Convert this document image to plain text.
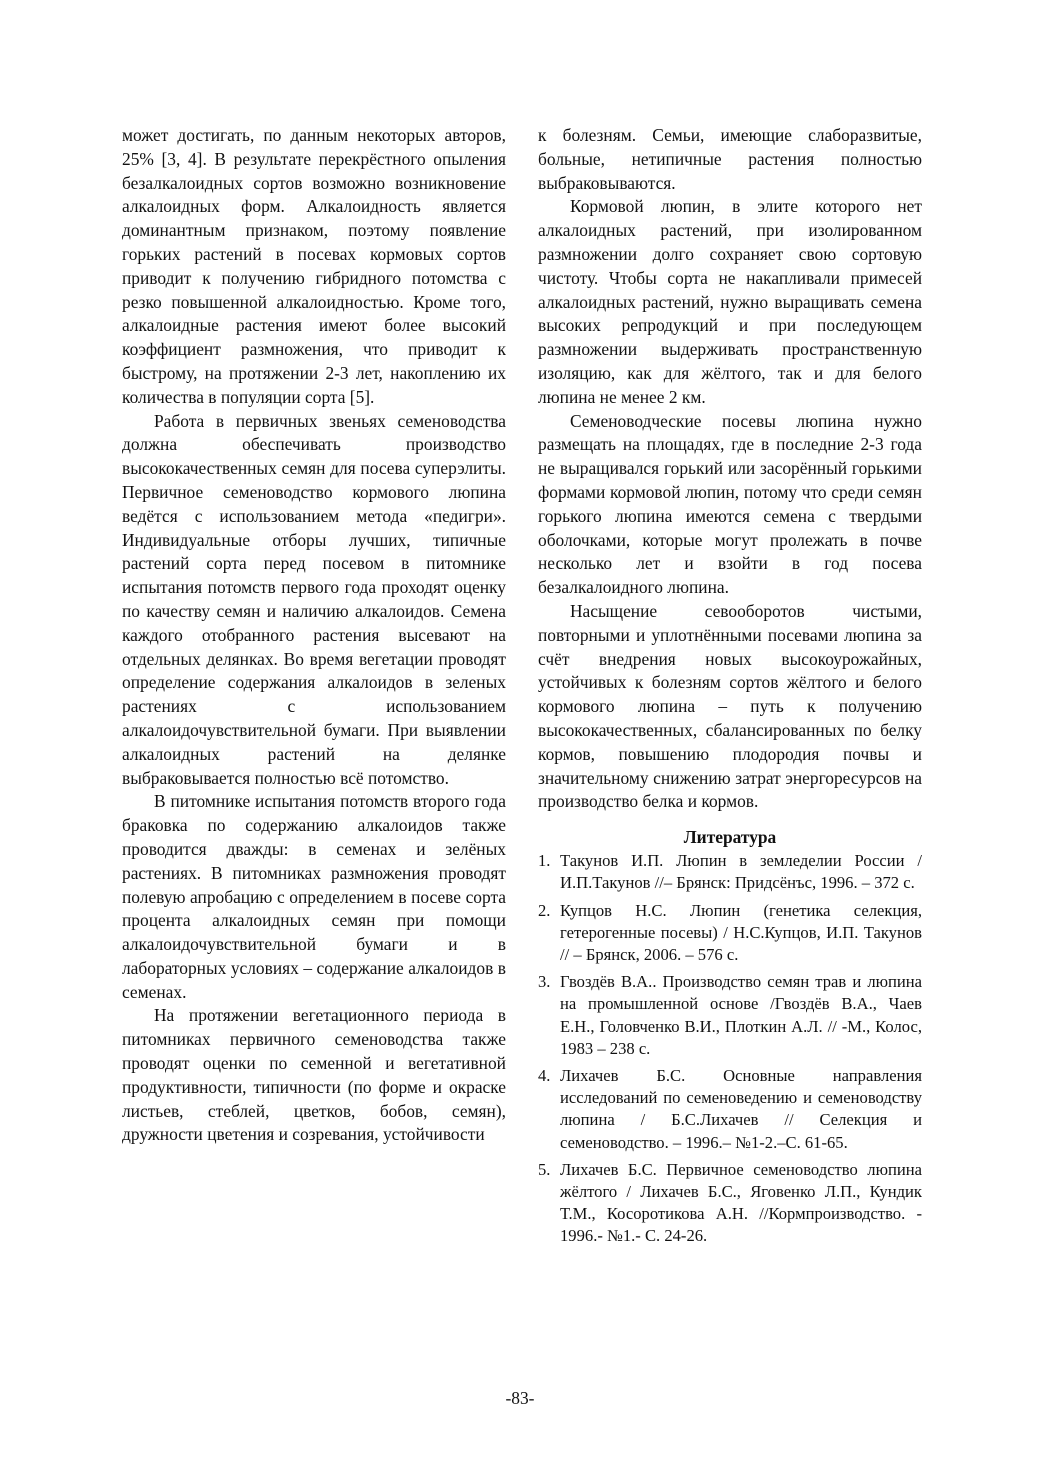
может достигать, по данным некоторых авторов, 25% [3, 4]. В результате перекрёстного опыления безалкалоидных сортов возможно возникновение алкалоидных форм. Алкалоидность является доминантным признаком, поэтому появление горьких растений в посевах кормовых сортов приводит к получению гибридного потомства с резко повышенной алкалоидностью. Кроме того, алкалоидные растения имеют более высокий коэффициент размножения, что приводит к быстрому, на протяжении 2-3 лет, накоплению их количества в популяции сорта [5].

Работа в первичных звеньях семеноводства должна обеспечивать производство высококачественных семян для посева суперэлиты. Первичное семеноводство кормового люпина ведётся с использованием метода «педигри». Индивидуальные отборы лучших, типичные растений сорта перед посевом в питомнике испытания потомств первого года проходят оценку по качеству семян и наличию алкалоидов. Семена каждого отобранного растения высевают на отдельных делянках. Во время вегетации проводят определение содержания алкалоидов в зеленых растениях с использованием алкалоидочувствительной бумаги. При выявлении алкалоидных растений на делянке выбраковывается полностью всё потомство.

В питомнике испытания потомств второго года браковка по содержанию алкалоидов также проводится дважды: в семенах и зелёных растениях. В питомниках размножения проводят полевую апробацию с определением в посеве сорта процента алкалоидных семян при помощи алкалоидочувствительной бумаги и в лабораторных условиях – содержание алкалоидов в семенах.

На протяжении вегетационного периода в питомниках первичного семеноводства также проводят оценки по семенной и вегетативной продуктивности, типичности (по форме и окраске листьев, стеблей, цветков, бобов, семян), дружности цветения и созревания, устойчивости

к болезням. Семьи, имеющие слаборазвитые, больные, нетипичные растения полностью выбраковываются.

Кормовой люпин, в элите которого нет алкалоидных растений, при изолированном размножении долго сохраняет свою сортовую чистоту. Чтобы сорта не накапливали примесей алкалоидных растений, нужно выращивать семена высоких репродукций и при последующем размножении выдерживать пространственную изоляцию, как для жёлтого, так и для белого люпина не менее 2 км.

Семеноводческие посевы люпина нужно размещать на площадях, где в последние 2-3 года не выращивался горький или засорённый горькими формами кормовой люпин, потому что среди семян горького люпина имеются семена с твердыми оболочками, которые могут пролежать в почве несколько лет и взойти в год посева безалкалоидного люпина.

Насыщение севооборотов чистыми, повторными и уплотнёнными посевами люпина за счёт внедрения новых высокоурожайных, устойчивых к болезням сортов жёлтого и белого кормового люпина – путь к получению высококачественных, сбалансированных по белку кормов, повышению плодородия почвы и значительному снижению затрат энергоресурсов на производство белка и кормов.

Литература
1. Такунов И.П. Люпин в земледелии России / И.П.Такунов //– Брянск: Придсёнъс, 1996. – 372 с.
2. Купцов Н.С. Люпин (генетика селекция, гетерогенные посевы) / Н.С.Купцов, И.П. Такунов // – Брянск, 2006. – 576 с.
3. Гвоздёв В.А.. Производство семян трав и люпина на промышленной основе /Гвоздёв В.А., Чаев Е.Н., Головченко В.И., Плоткин А.Л. // -М., Колос, 1983 – 238 с.
4. Лихачев Б.С. Основные направления исследований по семеноведению и семеноводству люпина / Б.С.Лихачев // Селекция и семеноводство. – 1996.– №1-2.–С. 61-65.
5. Лихачев Б.С. Первичное семеноводство люпина жёлтого / Лихачев Б.С., Яговенко Л.П., Кундик Т.М., Косоротикова А.Н. //Кормпроизводство. - 1996.- №1.- С. 24-26.
-83-
